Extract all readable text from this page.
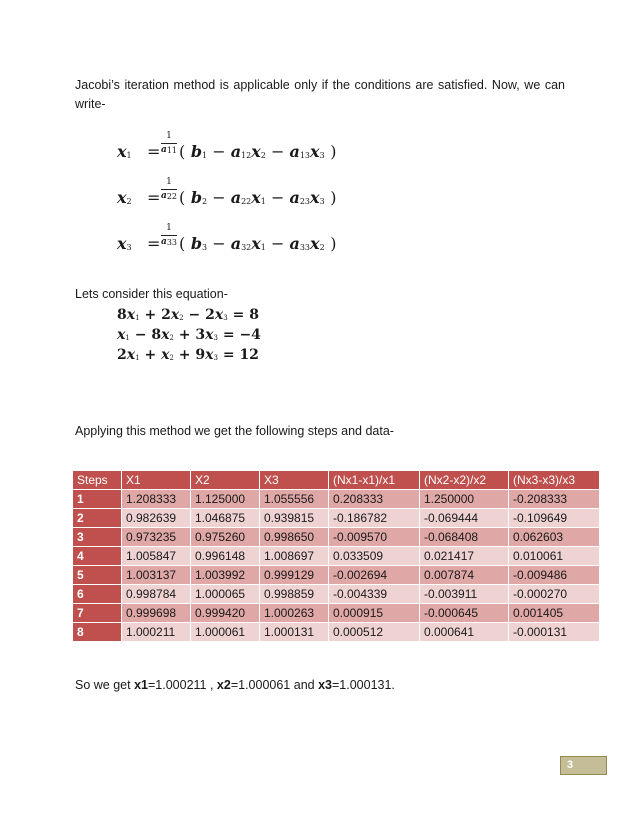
Jacobi’s iteration method is applicable only if the conditions are satisfied. Now, we can write-

𝒙$_1$ =
1
𝒂$_{11}$ ( 𝒃$_1$ − 𝒂$_{12}$𝒙$_2$ − 𝒂$_{13}$𝒙$_3$ )
𝒙$_2$ =
1
𝒂$_{22}$ ( 𝒃$_2$ − 𝒂$_{22}$𝒙$_1$ − 𝒂$_{23}$𝒙$_3$ )
𝒙$_3$ =
1
𝒂$_{33}$ ( 𝒃$_3$ − 𝒂$_{32}$𝒙$_1$ − 𝒂$_{33}$𝒙$_2$ )

Lets consider this equation-

8𝒙$_1$ + 2𝒙$_2$ − 2𝒙$_3$ = 8
𝒙$_1$ − 8𝒙$_2$ + 3𝒙$_3$ = −4
2𝒙$_1$ + 𝒙$_2$ + 9𝒙$_3$ = 12

Applying this method we get the following steps and data-

Steps	X1	X2	X3	(Nx1-x1)/x1	(Nx2-x2)/x2	(Nx3-x3)/x3
1	1.208333	1.125000	1.055556	0.208333	1.250000	-0.208333
2	0.982639	1.046875	0.939815	-0.186782	-0.069444	-0.109649
3	0.973235	0.975260	0.998650	-0.009570	-0.068408	0.062603
4	1.005847	0.996148	1.008697	0.033509	0.021417	0.010061
5	1.003137	1.003992	0.999129	-0.002694	0.007874	-0.009486
6	0.998784	1.000065	0.998859	-0.004339	-0.003911	-0.000270
7	0.999698	0.999420	1.000263	0.000915	-0.000645	0.001405
8	1.000211	1.000061	1.000131	0.000512	0.000641	-0.000131

So we get x1=1.000211 , x2=1.000061 and x3=1.000131.

3
